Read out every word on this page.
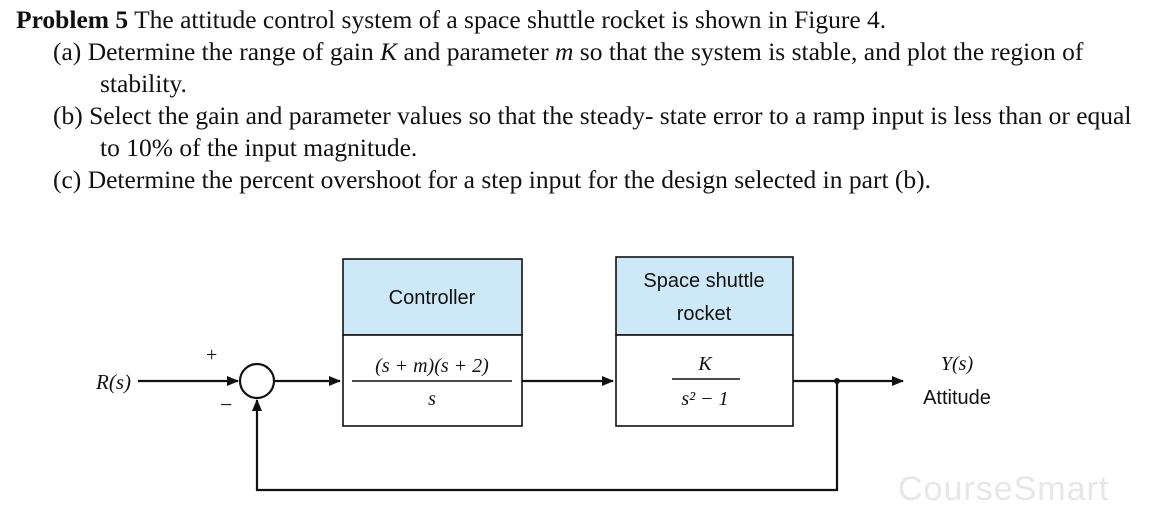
Problem 5 The attitude control system of a space shuttle rocket is shown in Figure 4.
(a) Determine the range of gain K and parameter m so that the system is stable, and plot the region of stability.
(b) Select the gain and parameter values so that the steady- state error to a ramp input is less than or equal to 10% of the input magnitude.
(c) Determine the percent overshoot for a step input for the design selected in part (b).
R(s)
+
−
Controller
(s + m)(s + 2)
s
Space shuttle
rocket
K
s² − 1
Y(s)
Attitude
CourseSmart
